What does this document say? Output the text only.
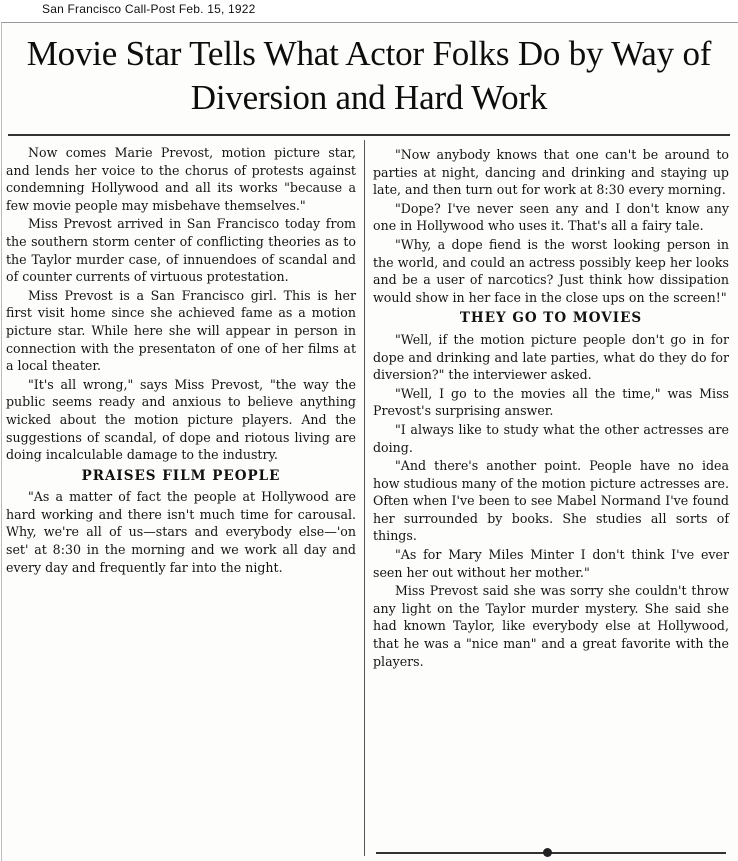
San Francisco Call-Post Feb. 15, 1922
Movie Star Tells What Actor Folks Do by Way of
Diversion and Hard Work

Now comes Marie Prevost, motion picture star, and lends her voice to the chorus of protests against condemning Hollywood and all its works "because a few movie people may misbehave themselves."

Miss Prevost arrived in San Francisco today from the southern storm center of conflicting theories as to the Taylor murder case, of innuendoes of scandal and of counter currents of virtuous protestation.

Miss Prevost is a San Francisco girl. This is her first visit home since she achieved fame as a motion picture star. While here she will appear in person in connection with the presentaton of one of her films at a local theater.

"It's all wrong," says Miss Prevost, "the way the public seems ready and anxious to believe anything wicked about the motion picture players. And the suggestions of scandal, of dope and riotous living are doing incalculable damage to the industry.

PRAISES FILM PEOPLE

"As a matter of fact the people at Hollywood are hard working and there isn't much time for carousal. Why, we're all of us—stars and everybody else—'on set' at 8:30 in the morning and we work all day and every day and frequently far into the night.

"Now anybody knows that one can't be around to parties at night, dancing and drinking and staying up late, and then turn out for work at 8:30 every morning.

"Dope? I've never seen any and I don't know any one in Hollywood who uses it. That's all a fairy tale.

"Why, a dope fiend is the worst looking person in the world, and could an actress possibly keep her looks and be a user of narcotics? Just think how dissipation would show in her face in the close ups on the screen!"

THEY GO TO MOVIES

"Well, if the motion picture people don't go in for dope and drinking and late parties, what do they do for diversion?" the interviewer asked.

"Well, I go to the movies all the time," was Miss Prevost's surprising answer.

"I always like to study what the other actresses are doing.

"And there's another point. People have no idea how studious many of the motion picture actresses are. Often when I've been to see Mabel Normand I've found her surrounded by books. She studies all sorts of things.

"As for Mary Miles Minter I don't think I've ever seen her out without her mother."

Miss Prevost said she was sorry she couldn't throw any light on the Taylor murder mystery. She said she had known Taylor, like everybody else at Hollywood, that he was a "nice man" and a great favorite with the players.
